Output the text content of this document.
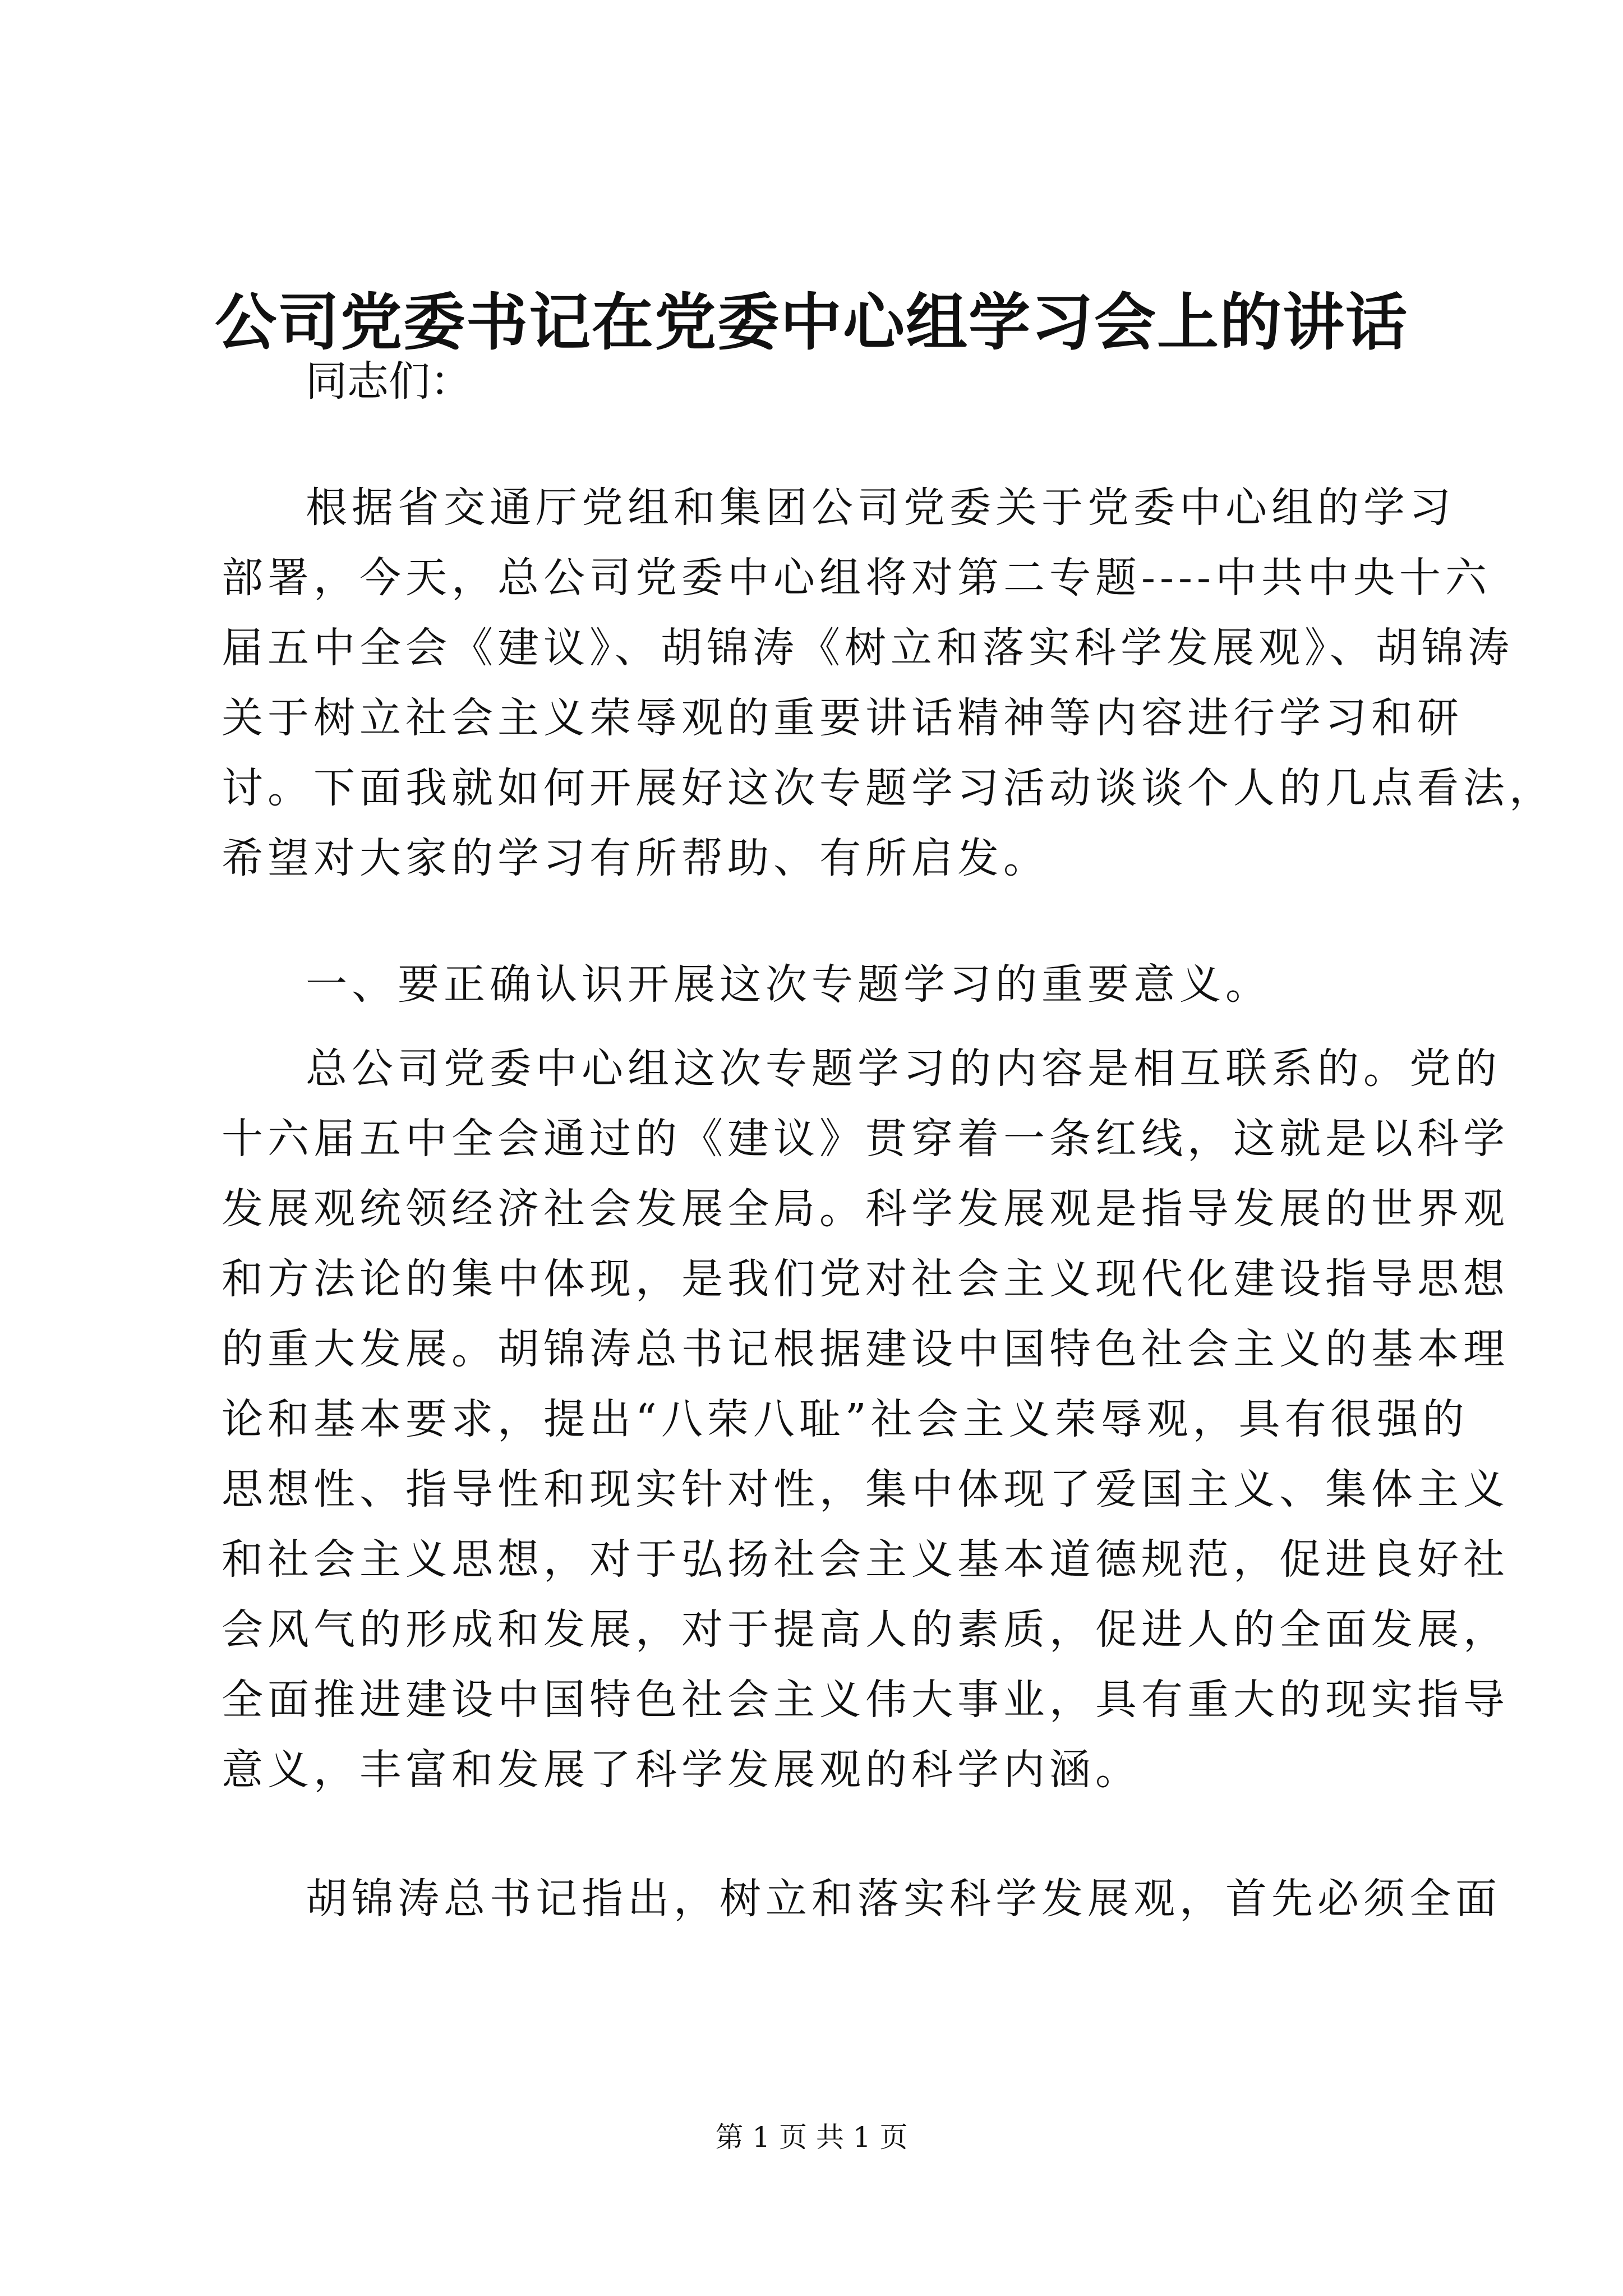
公司党委书记在党委中心组学习会上的讲话
同志们：
根据省交通厅党组和集团公司党委关于党委中心组的学习
部署，今天，总公司党委中心组将对第二专题----中共中央十六
届五中全会《建议》、胡锦涛《树立和落实科学发展观》、胡锦涛
关于树立社会主义荣辱观的重要讲话精神等内容进行学习和研
讨。下面我就如何开展好这次专题学习活动谈谈个人的几点看法，
希望对大家的学习有所帮助、有所启发。
一、要正确认识开展这次专题学习的重要意义。
总公司党委中心组这次专题学习的内容是相互联系的。党的
十六届五中全会通过的《建议》贯穿着一条红线，这就是以科学
发展观统领经济社会发展全局。科学发展观是指导发展的世界观
和方法论的集中体现，是我们党对社会主义现代化建设指导思想
的重大发展。胡锦涛总书记根据建设中国特色社会主义的基本理
论和基本要求，提出“八荣八耻”社会主义荣辱观，具有很强的
思想性、指导性和现实针对性，集中体现了爱国主义、集体主义
和社会主义思想，对于弘扬社会主义基本道德规范，促进良好社
会风气的形成和发展，对于提高人的素质，促进人的全面发展，
全面推进建设中国特色社会主义伟大事业，具有重大的现实指导
意义，丰富和发展了科学发展观的科学内涵。
胡锦涛总书记指出，树立和落实科学发展观，首先必须全面
第 1 页 共 1 页
